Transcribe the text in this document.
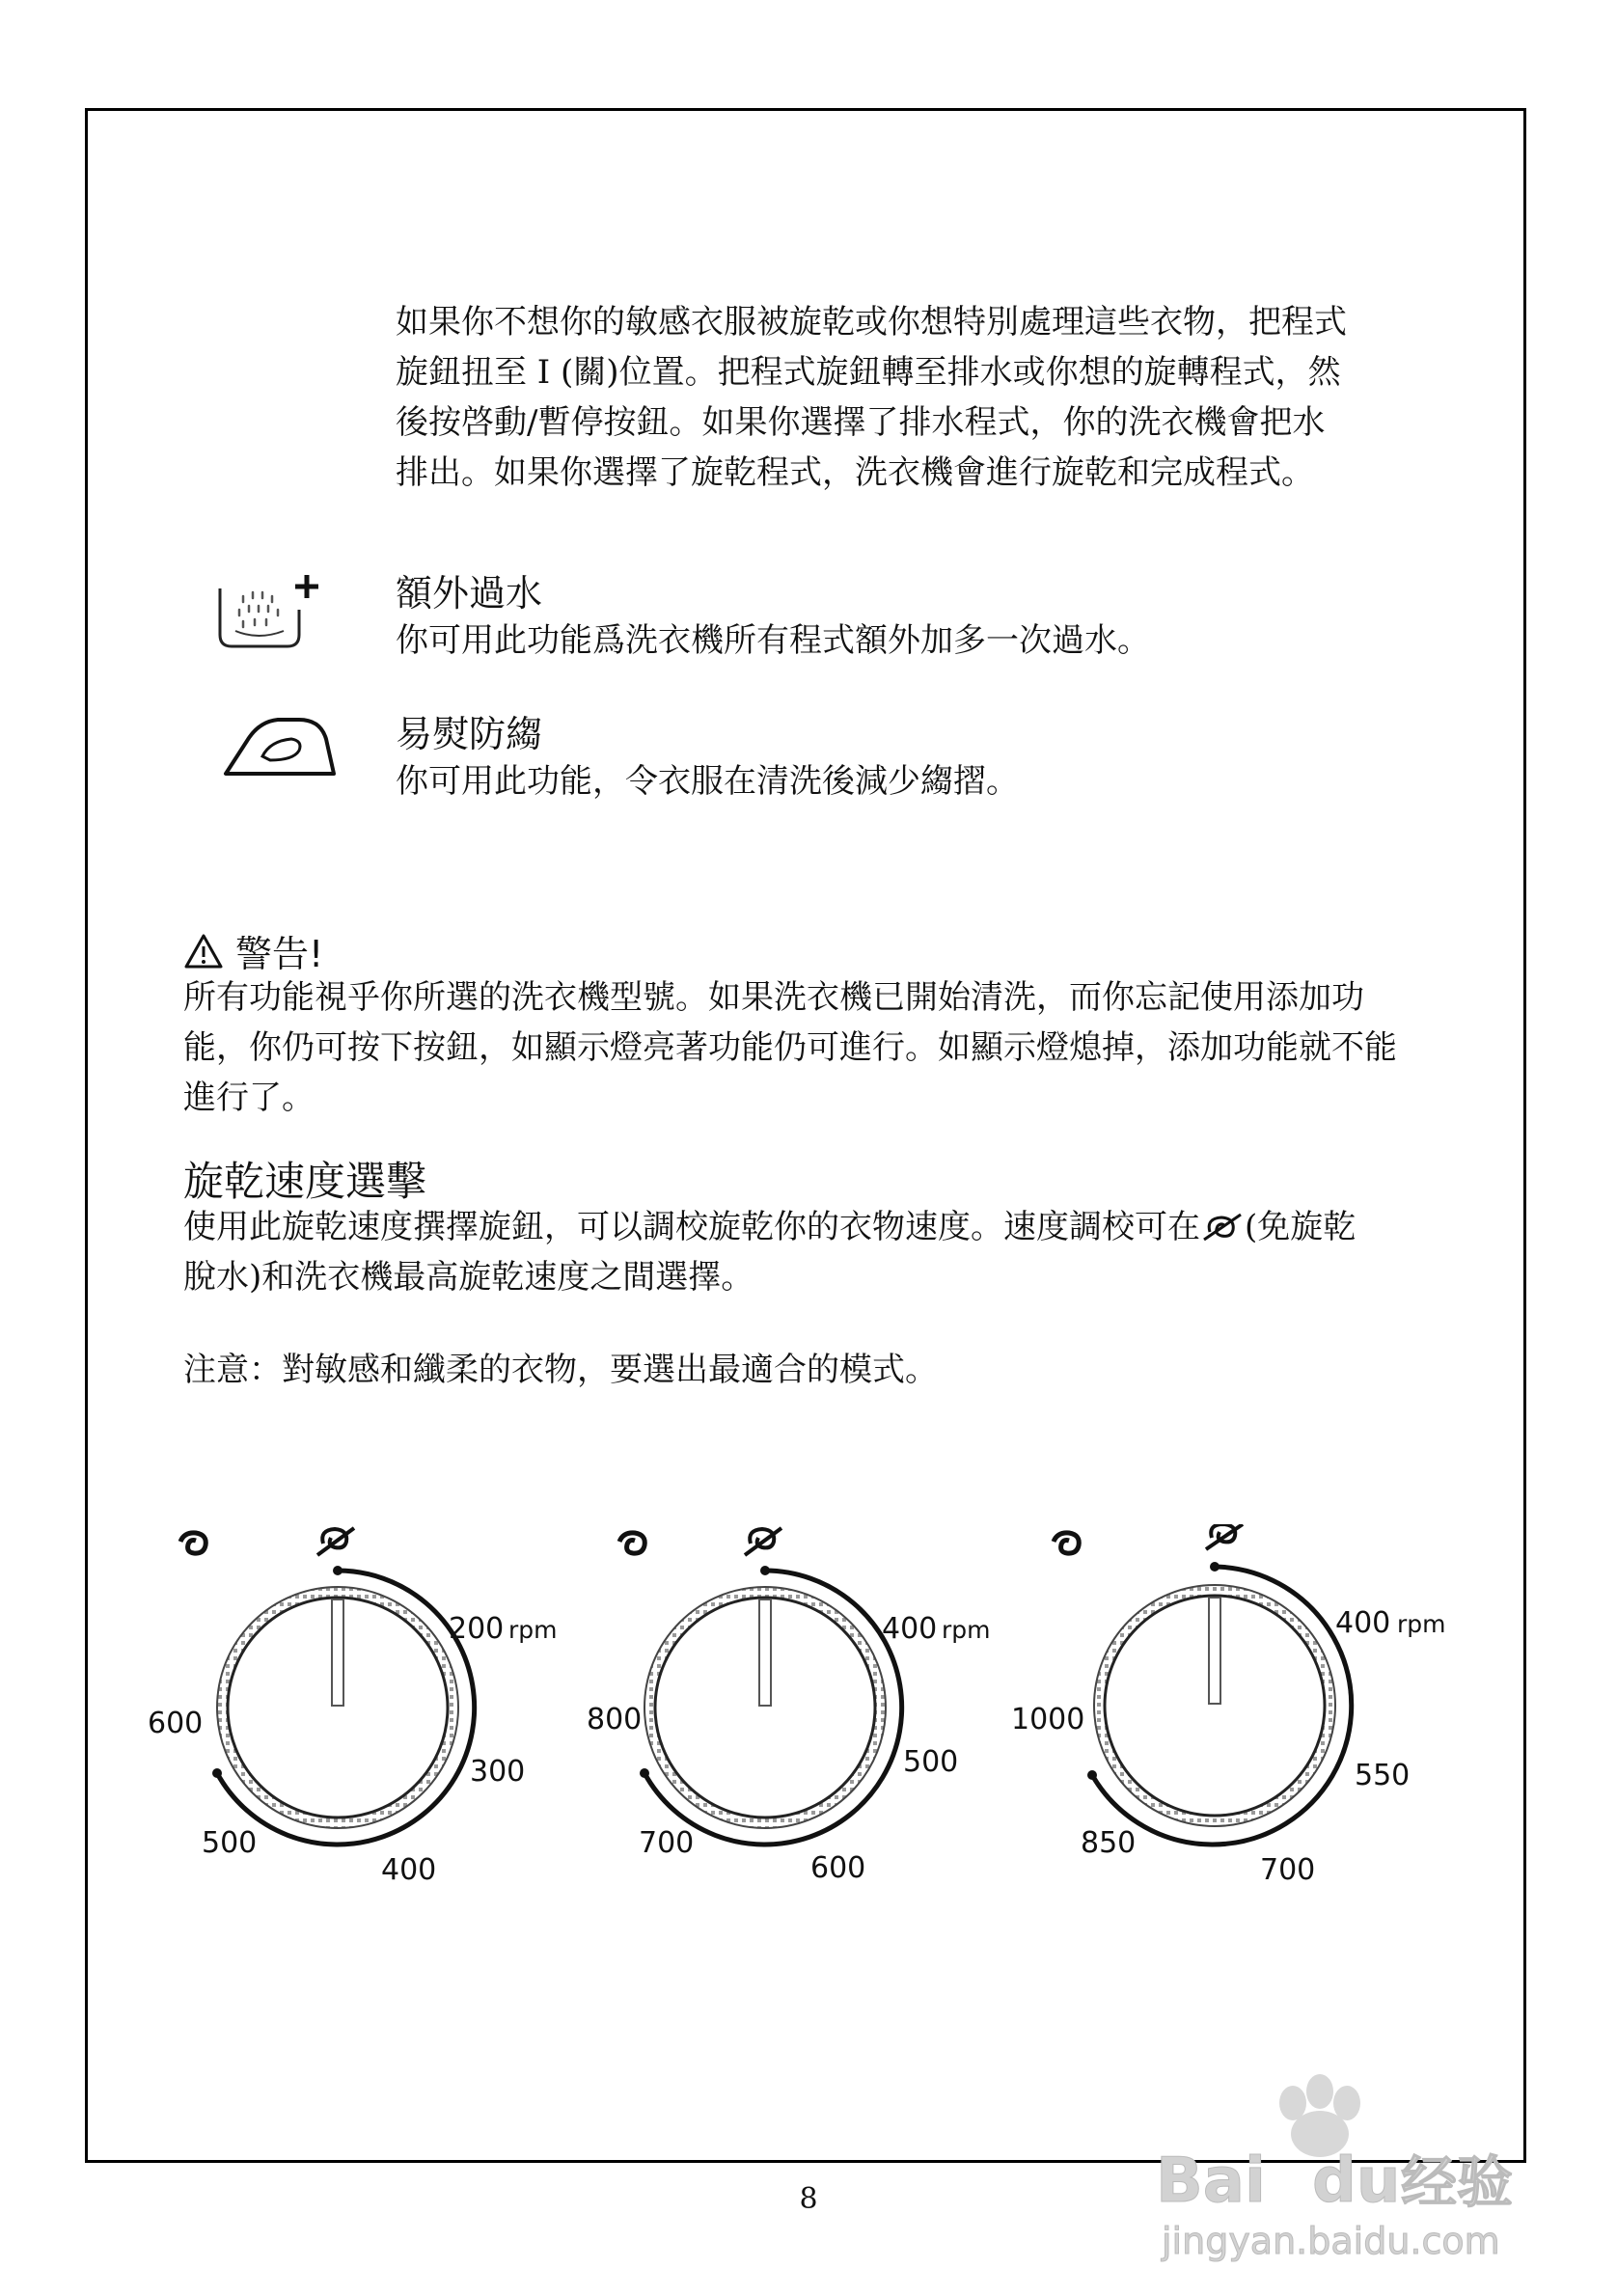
如果你不想你的敏感衣服被旋乾或你想特別處理這些衣物，把程式
旋鈕扭至 I (關)位置。把程式旋鈕轉至排水或你想的旋轉程式，然
後按啓動/暫停按鈕。如果你選擇了排水程式，你的洗衣機會把水
排出。如果你選擇了旋乾程式，洗衣機會進行旋乾和完成程式。
額外過水
你可用此功能爲洗衣機所有程式額外加多一次過水。
易熨防縐
你可用此功能，令衣服在清洗後減少縐摺。
警告!
所有功能視乎你所選的洗衣機型號。如果洗衣機已開始清洗，而你忘記使用添加功
能，你仍可按下按鈕，如顯示燈亮著功能仍可進行。如顯示燈熄掉，添加功能就不能
進行了。
旋乾速度選擊
使用此旋乾速度撰擇旋鈕，可以調校旋乾你的衣物速度。速度調校可在 (免旋乾
脫水)和洗衣機最高旋乾速度之間選擇。
注意：對敏感和纖柔的衣物，要選出最適合的模式。
200 rpm
300
400
500
600
400 rpm
500
600
700
800
400 rpm
550
700
850
1000
8	Bai du 经验
jingyan.baidu.com
